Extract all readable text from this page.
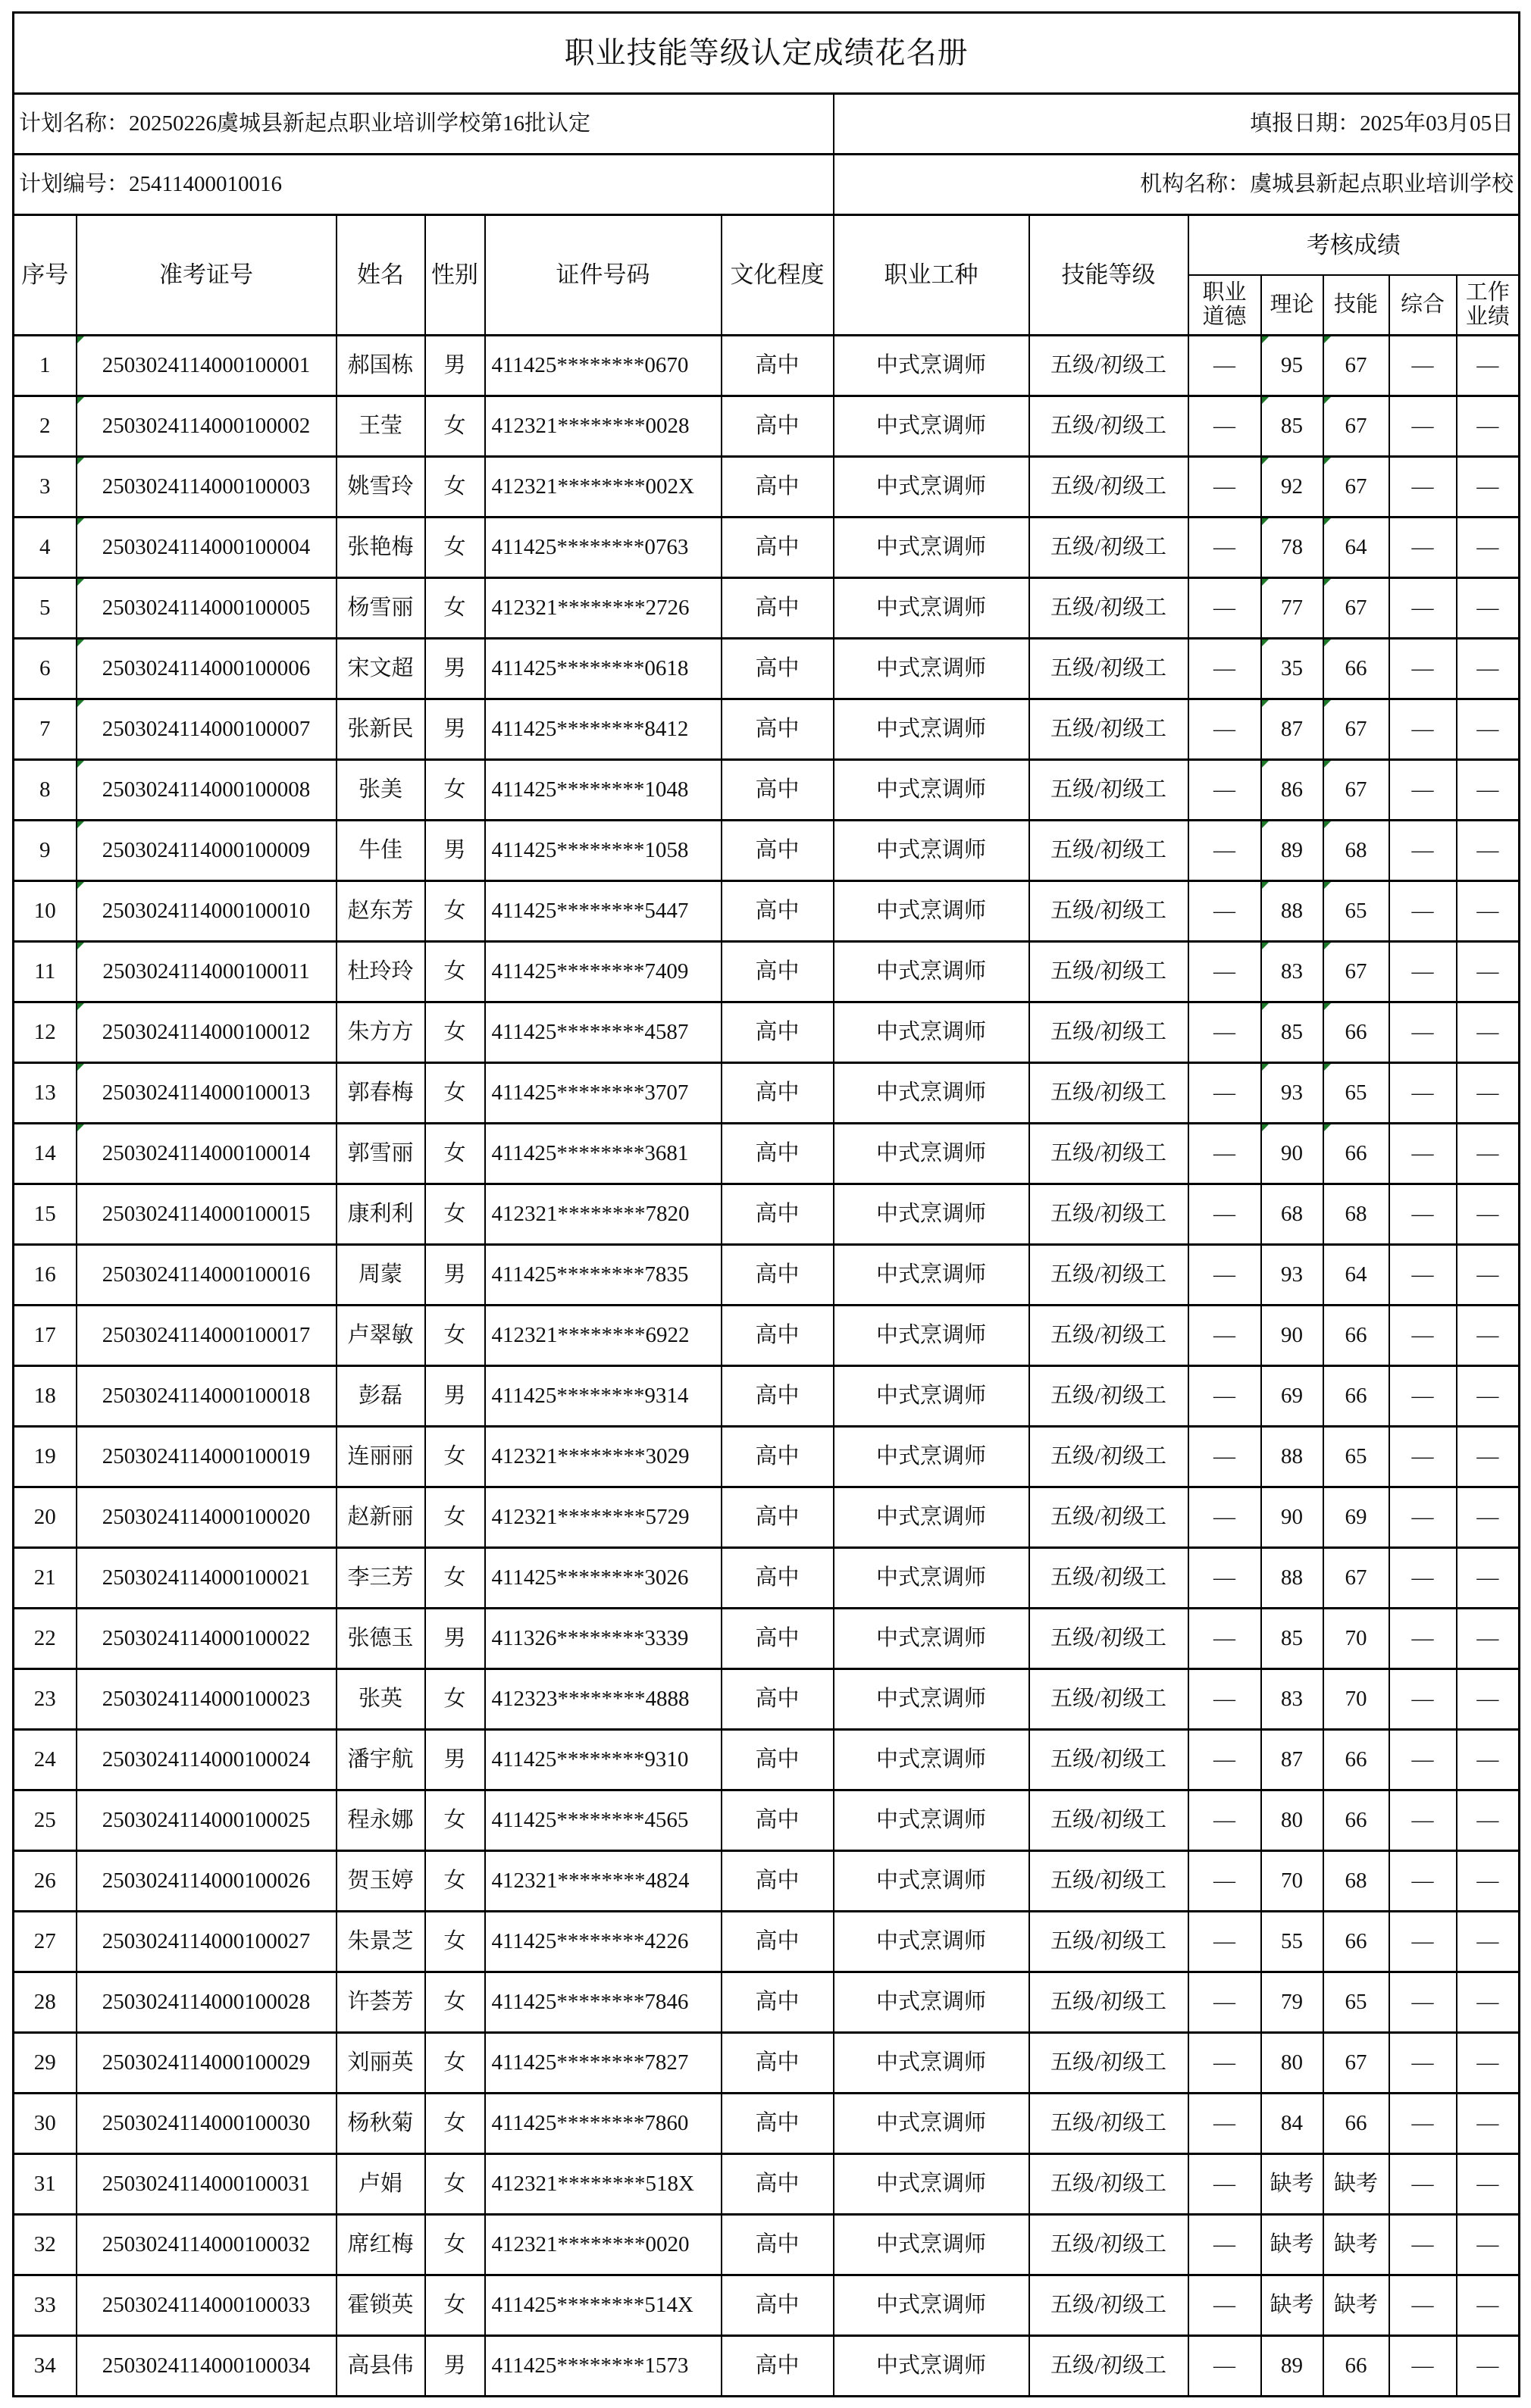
职业技能等级认定成绩花名册												
计划名称：20250226虞城县新起点职业培训学校第16批认定						填报日期：2025年03月05日						
计划编号：25411400010016						机构名称：虞城县新起点职业培训学校						
序号	准考证号	姓名	性别	证件号码	文化程度	职业工种	技能等级	考核成绩				
								职业道德	理论	技能	综合	工作业绩
1	2503024114000100001	郝国栋	男	411425********0670	高中	中式烹调师	五级/初级工	—	95	67	—	—
2	2503024114000100002	王莹	女	412321********0028	高中	中式烹调师	五级/初级工	—	85	67	—	—
3	2503024114000100003	姚雪玲	女	412321********002X	高中	中式烹调师	五级/初级工	—	92	67	—	—
4	2503024114000100004	张艳梅	女	411425********0763	高中	中式烹调师	五级/初级工	—	78	64	—	—
5	2503024114000100005	杨雪丽	女	412321********2726	高中	中式烹调师	五级/初级工	—	77	67	—	—
6	2503024114000100006	宋文超	男	411425********0618	高中	中式烹调师	五级/初级工	—	35	66	—	—
7	2503024114000100007	张新民	男	411425********8412	高中	中式烹调师	五级/初级工	—	87	67	—	—
8	2503024114000100008	张美	女	411425********1048	高中	中式烹调师	五级/初级工	—	86	67	—	—
9	2503024114000100009	牛佳	男	411425********1058	高中	中式烹调师	五级/初级工	—	89	68	—	—
10	2503024114000100010	赵东芳	女	411425********5447	高中	中式烹调师	五级/初级工	—	88	65	—	—
11	2503024114000100011	杜玲玲	女	411425********7409	高中	中式烹调师	五级/初级工	—	83	67	—	—
12	2503024114000100012	朱方方	女	411425********4587	高中	中式烹调师	五级/初级工	—	85	66	—	—
13	2503024114000100013	郭春梅	女	411425********3707	高中	中式烹调师	五级/初级工	—	93	65	—	—
14	2503024114000100014	郭雪丽	女	411425********3681	高中	中式烹调师	五级/初级工	—	90	66	—	—
15	2503024114000100015	康利利	女	412321********7820	高中	中式烹调师	五级/初级工	—	68	68	—	—
16	2503024114000100016	周蒙	男	411425********7835	高中	中式烹调师	五级/初级工	—	93	64	—	—
17	2503024114000100017	卢翠敏	女	412321********6922	高中	中式烹调师	五级/初级工	—	90	66	—	—
18	2503024114000100018	彭磊	男	411425********9314	高中	中式烹调师	五级/初级工	—	69	66	—	—
19	2503024114000100019	连丽丽	女	412321********3029	高中	中式烹调师	五级/初级工	—	88	65	—	—
20	2503024114000100020	赵新丽	女	412321********5729	高中	中式烹调师	五级/初级工	—	90	69	—	—
21	2503024114000100021	李三芳	女	411425********3026	高中	中式烹调师	五级/初级工	—	88	67	—	—
22	2503024114000100022	张德玉	男	411326********3339	高中	中式烹调师	五级/初级工	—	85	70	—	—
23	2503024114000100023	张英	女	412323********4888	高中	中式烹调师	五级/初级工	—	83	70	—	—
24	2503024114000100024	潘宇航	男	411425********9310	高中	中式烹调师	五级/初级工	—	87	66	—	—
25	2503024114000100025	程永娜	女	411425********4565	高中	中式烹调师	五级/初级工	—	80	66	—	—
26	2503024114000100026	贺玉婷	女	412321********4824	高中	中式烹调师	五级/初级工	—	70	68	—	—
27	2503024114000100027	朱景芝	女	411425********4226	高中	中式烹调师	五级/初级工	—	55	66	—	—
28	2503024114000100028	许荟芳	女	411425********7846	高中	中式烹调师	五级/初级工	—	79	65	—	—
29	2503024114000100029	刘丽英	女	411425********7827	高中	中式烹调师	五级/初级工	—	80	67	—	—
30	2503024114000100030	杨秋菊	女	411425********7860	高中	中式烹调师	五级/初级工	—	84	66	—	—
31	2503024114000100031	卢娟	女	412321********518X	高中	中式烹调师	五级/初级工	—	缺考	缺考	—	—
32	2503024114000100032	席红梅	女	412321********0020	高中	中式烹调师	五级/初级工	—	缺考	缺考	—	—
33	2503024114000100033	霍锁英	女	411425********514X	高中	中式烹调师	五级/初级工	—	缺考	缺考	—	—
34	2503024114000100034	高县伟	男	411425********1573	高中	中式烹调师	五级/初级工	—	89	66	—	—
